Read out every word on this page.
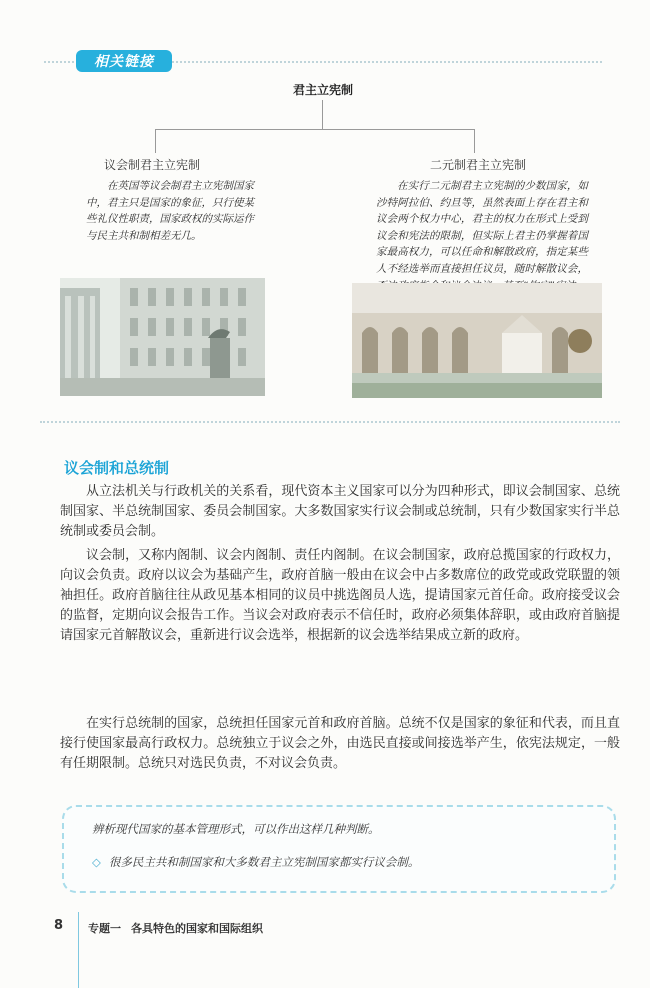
相关链接
君主立宪制
议会制君主立宪制
在英国等议会制君主立宪制国家中，君主只是国家的象征，只行使某些礼仪性职责，国家政权的实际运作与民主共和制相差无几。
二元制君主立宪制
在实行二元制君主立宪制的少数国家，如沙特阿拉伯、约旦等，虽然表面上存在君主和议会两个权力中心，君主的权力在形式上受到议会和宪法的限制，但实际上君主仍掌握着国家最高权力，可以任命和解散政府，指定某些人不经选举而直接担任议员，随时解散议会，
议会制和总统制

从立法机关与行政机关的关系看，现代资本主义国家可以分为四种形式，即议会制国家、总统制国家、半总统制国家、委员会制国家。大多数国家实行议会制或总统制，只有少数国家实行半总统制或委员会制。

议会制，又称内阁制、议会内阁制、责任内阁制。在议会制国家，政府总揽国家的行政权力，向议会负责。政府以议会为基础产生，政府首脑一般由在议会中占多数席位的政党或政党联盟的领袖担任。政府首脑往往从政见基本相同的议员中挑选阁员人选，提请国家元首任命。政府接受议会的监督，定期向议会报告工作。当议会对政府表示不信任时，政府必须集体辞职，或由政府首脑提请国家元首解散议会，重新进行议会选举，根据新的议会选举结果成立新的政府。

在实行总统制的国家，总统担任国家元首和政府首脑。总统不仅是国家的象征和代表，而且直接行使国家最高行政权力。总统独立于议会之外，由选民直接或间接选举产生，依宪法规定，一般有任期限制。总统只对选民负责，不对议会负责。

辨析现代国家的基本管理形式，可以作出这样几种判断。
◇ 很多民主共和制国家和大多数君主立宪制国家都实行议会制。
8 专题一 各具特色的国家和国际组织
